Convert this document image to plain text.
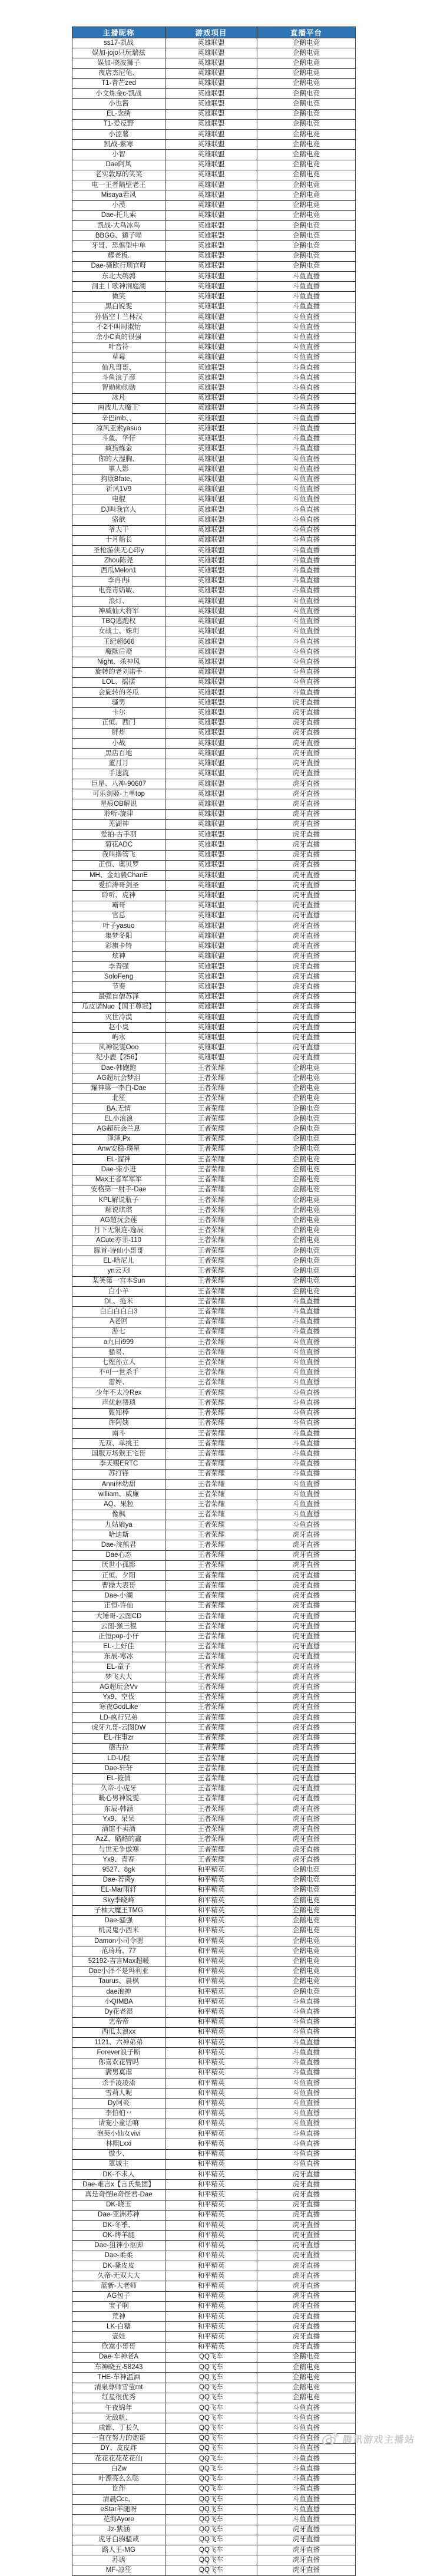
主播昵称	游戏项目	直播平台
ss17-凯战	英雄联盟	企鹅电竞
娱加-jojo只玩瑞兹	英雄联盟	企鹅电竞
娱加-晓波狮子	英雄联盟	企鹅电竞
夜店杰尼龟、	英雄联盟	企鹅电竞
T1-青芒zed	英雄联盟	企鹅电竞
小文炼金c-凯战	英雄联盟	企鹅电竞
小也酱	英雄联盟	企鹅电竞
EL-念绣	英雄联盟	企鹅电竞
T1-爱反野	英雄联盟	企鹅电竞
小涩薯	英雄联盟	企鹅电竞
凯战-紫寒	英雄联盟	企鹅电竞
小智	英雄联盟	企鹅电竞
Dae阿风	英雄联盟	企鹅电竞
老实敦厚的笑笑	英雄联盟	企鹅电竞
电一王者隔壁老王	英雄联盟	企鹅电竞
Misaya若风	英雄联盟	企鹅电竞
小漠	英雄联盟	企鹅电竞
Dae-托儿索	英雄联盟	企鹅电竞
凯战-大鸟冰鸟	英雄联盟	企鹅电竞
BBGG、狮子喵	英雄联盟	企鹅电竞
牙哥、恐惧型中单	英雄联盟	企鹅电竞
耀老板.	英雄联盟	企鹅电竞
Dae-骚欧行刑官呀	英雄联盟	企鹅电竞
东北大鹌鹑	英雄联盟	斗鱼直播
洞主丨歌神洞庭湖	英雄联盟	斗鱼直播
微笑	英雄联盟	斗鱼直播
黑白锐雯	英雄联盟	斗鱼直播
孙悟空丨兰林汉	英雄联盟	斗鱼直播
不2不叫周淑怡	英雄联盟	斗鱼直播
余小C真的很强	英雄联盟	斗鱼直播
叶音符	英雄联盟	斗鱼直播
草莓	英雄联盟	斗鱼直播
仙凡哥哥、	英雄联盟	斗鱼直播
斗鱼浪子彦	英雄联盟	斗鱼直播
智勋勋勋勋	英雄联盟	斗鱼直播
冰凡	英雄联盟	斗鱼直播
南波儿大魔王'	英雄联盟	斗鱼直播
辛巴imb、、	英雄联盟	斗鱼直播
凉风亚索yasuo	英雄联盟	斗鱼直播
斗鱼、华仔	英雄联盟	斗鱼直播
疯狗炼金	英雄联盟	斗鱼直播
你的大湿胸、	英雄联盟	斗鱼直播
單人影	英雄联盟	斗鱼直播
狗康Bfate、	英雄联盟	斗鱼直播
祈风1V9	英雄联盟	斗鱼直播
电棍	英雄联盟	斗鱼直播
DJ叫我官人	英雄联盟	斗鱼直播
骆歆	英雄联盟	斗鱼直播
爷大干	英雄联盟	斗鱼直播
十月船长	英雄联盟	斗鱼直播
圣枪游侠无心印y	英雄联盟	斗鱼直播
Zhou陈尧	英雄联盟	斗鱼直播
西瓜Melon1	英雄联盟	斗鱼直播
李冉冉i	英雄联盟	斗鱼直播
电竞毒奶敏、	英雄联盟	斗鱼直播
浪灯、	英雄联盟	斗鱼直播
神威仙大将军	英雄联盟	斗鱼直播
TBQ逃跑权	英雄联盟	斗鱼直播
女战士、姝玥	英雄联盟	斗鱼直播
王纪超666	英雄联盟	斗鱼直播
魔獸后裔	英雄联盟	斗鱼直播
Night、杀神风	英雄联盟	斗鱼直播
旋转的老刘诺手	英雄联盟	斗鱼直播
LOL、摇摆	英雄联盟	斗鱼直播
会旋转的冬瓜	英雄联盟	斗鱼直播
骚男	英雄联盟	虎牙直播
卡尔	英雄联盟	虎牙直播
正恒、西门	英雄联盟	虎牙直播
胖炸	英雄联盟	虎牙直播
小战	英雄联盟	虎牙直播
黑店百地	英雄联盟	虎牙直播
董月月	英雄联盟	虎牙直播
手速流	英雄联盟	虎牙直播
巨星、八神-90607	英雄联盟	虎牙直播
可乐剑姬-上单top	英雄联盟	虎牙直播
星痕OB解说	英雄联盟	虎牙直播
聆听-旋律	英雄联盟	虎牙直播
芜湖神	英雄联盟	虎牙直播
爱拍-古手羽	英雄联盟	虎牙直播
菊花ADC	英雄联盟	虎牙直播
我叫撸管飞	英雄联盟	虎牙直播
正恒、奥贝罗	英雄联盟	虎牙直播
MH、金灿毅ChanE	英雄联盟	虎牙直播
爱拍涛哥剑圣	英雄联盟	虎牙直播
聆听、虎神	英雄联盟	虎牙直播
霸哥	英雄联盟	虎牙直播
官总	英雄联盟	虎牙直播
叶子yasuo	英雄联盟	虎牙直播
集梦冬阳	英雄联盟	虎牙直播
彩旗卡特	英雄联盟	虎牙直播
炫神	英雄联盟	虎牙直播
李青强	英雄联盟	虎牙直播
SoloFeng	英雄联盟	虎牙直播
节奏	英雄联盟	虎牙直播
最强盲僧苏泽	英雄联盟	虎牙直播
瓜皮诺Nuo【国王尊冠】	英雄联盟	虎牙直播
灭世冷漠	英雄联盟	虎牙直播
赵小臭	英雄联盟	虎牙直播
屿水	英雄联盟	虎牙直播
风神锐雯Ooo	英雄联盟	虎牙直播
纪小鹿【256】	英雄联盟	虎牙直播
Dae-韩跑跑	王者荣耀	企鹅电竞
AG超玩会梦泪	王者荣耀	企鹅电竞
耀神第一李白-Dae	王者荣耀	企鹅电竞
北笙	王者荣耀	企鹅电竞
BA.无情	王者荣耀	企鹅电竞
EL小浪浪	王者荣耀	企鹅电竞
AG超玩会兰息	王者荣耀	企鹅电竞
泽泽.Px	王者荣耀	企鹅电竞
Anw安稳-璞星	王者荣耀	企鹅电竞
EL-溜神	王者荣耀	企鹅电竞
Dae-柴小进	王者荣耀	企鹅电竞
Max王者军军军	王者荣耀	企鹅电竞
安格第一射手-Dae	王者荣耀	企鹅电竞
KPL解说瓶子	王者荣耀	企鹅电竞
解说琪琪	王者荣耀	企鹅电竞
AG超玩会莲	王者荣耀	企鹅电竞
月下无限连-逸辰	王者荣耀	企鹅电竞
ACute亦菲-110	王者荣耀	企鹅电竞
豚首-诗仙小哥哥	王者荣耀	企鹅电竞
EL-哈尼儿	王者荣耀	企鹅电竞
yn云天l	王者荣耀	企鹅电竞
某笑第一宫本Sun	王者荣耀	企鹅电竞
白小羊	王者荣耀	企鹅电竞
DL、拖米	王者荣耀	斗鱼直播
白白白白白3	王者荣耀	斗鱼直播
A老回	王者荣耀	斗鱼直播
游七	王者荣耀	斗鱼直播
a九日i999	王者荣耀	斗鱼直播
骚易、	王者荣耀	斗鱼直播
七煌孙立人	王者荣耀	斗鱼直播
不可一世杀手	王者荣耀	斗鱼直播
雷婷、	王者荣耀	斗鱼直播
少年不太冷Rex	王者荣耀	斗鱼直播
声优赵猥琐	王者荣耀	斗鱼直播
甄知棒	王者荣耀	斗鱼直播
许阿姨	王者荣耀	斗鱼直播
南斗	王者荣耀	斗鱼直播
无双、单挑王	王者荣耀	斗鱼直播
国服万场猴王宅哥	王者荣耀	斗鱼直播
李天赐ERTC	王者荣耀	斗鱼直播
苏打锋	王者荣耀	斗鱼直播
Anni林幼甜	王者荣耀	斗鱼直播
william、威廉	王者荣耀	斗鱼直播
AQ、果粒	王者荣耀	斗鱼直播
像枫	王者荣耀	斗鱼直播
九姑娘ya	王者荣耀	斗鱼直播
哈迪斯	王者荣耀	虎牙直播
Dae-浣熊君	王者荣耀	虎牙直播
Dae心态	王者荣耀	虎牙直播
厌世小孤影	王者荣耀	虎牙直播
正恒、夕阳	王者荣耀	虎牙直播
曹操大表哥	王者荣耀	虎牙直播
Dae-小潮	王者荣耀	虎牙直播
正恒-许仙	王者荣耀	虎牙直播
大锤哥-云图CD	王者荣耀	虎牙直播
云图-猴三棍	王者荣耀	虎牙直播
正恒pop-小仔	王者荣耀	虎牙直播
EL-上好佳	王者荣耀	虎牙直播
东辰-寒冰	王者荣耀	虎牙直播
EL-童子	王者荣耀	虎牙直播
梦飞大大	王者荣耀	虎牙直播
AG超玩会Vv	王者荣耀	虎牙直播
Yx9、空伐	王者荣耀	虎牙直播
寒夜GodLike	王者荣耀	虎牙直播
LD-疯行兄弟	王者荣耀	虎牙直播
虎牙九哥-云图DW	王者荣耀	虎牙直播
EL-往事zr	王者荣耀	虎牙直播
德古拉	王者荣耀	虎牙直播
LD-U倪	王者荣耀	虎牙直播
Dae-轩轩	王者荣耀	虎牙直播
EL-筱倩	王者荣耀	虎牙直播
久帝-小虎牙	王者荣耀	虎牙直播
暖心男神锐雯	王者荣耀	虎牙直播
东辰-韩涵	王者荣耀	虎牙直播
Yx9、呆呆	王者荣耀	虎牙直播
酒馆不卖酒	王者荣耀	虎牙直播
AzZ、酷酷的鑫	王者荣耀	虎牙直播
与世无争傲寒	王者荣耀	虎牙直播
Yx9、青春	王者荣耀	虎牙直播
9527、8gk	和平精英	企鹅电竞
Dae-若离y	和平精英	企鹅电竞
EL-Mar雨轩	和平精英	企鹅电竞
Sky李晓峰	和平精英	企鹅电竞
子柚大魔王TMG	和平精英	企鹅电竞
Dae-骚强	和平精英	企鹅电竞
机灵鬼小西米	和平精英	企鹅电竞
Damon小司令嗯	和平精英	企鹅电竞
范琦琦、77	和平精英	企鹅电竞
52192-吉言Max超暖	和平精英	企鹅电竞
Dae小泽不是玛利亚	和平精英	企鹅电竞
Taurus、晨枫	和平精英	企鹅电竞
dae浪神	和平精英	企鹅电竞
小QIMBA	和平精英	斗鱼直播
Dy花老湿	和平精英	斗鱼直播
艺帝帝	和平精英	斗鱼直播
西瓜太浪xx	和平精英	斗鱼直播
1121、六神弟弟	和平精英	斗鱼直播
Forever浪子断	和平精英	斗鱼直播
你喜欢花臂吗	和平精英	斗鱼直播
满男莫虐	和平精英	斗鱼直播
杀手凌凌漆	和平精英	斗鱼直播
雪莉人呢	和平精英	斗鱼直播
Dy阿炎	和平精英	斗鱼直播
李怕怕丷	和平精英	斗鱼直播
请宠小童话嘛	和平精英	斗鱼直播
泡芙小仙女vivi	和平精英	斗鱼直播
林熙Lxxi	和平精英	斗鱼直播
傲少、	和平精英	斗鱼直播
罩城主	和平精英	斗鱼直播
DK-不求人	和平精英	虎牙直播
Dae-难言x【言氏集团】	和平精英	虎牙直播
真是奇怪le奇怪君-Dae	和平精英	虎牙直播
DK-晓玉	和平精英	虎牙直播
Dae-亚洲苏神	和平精英	虎牙直播
DK-冬季、	和平精英	虎牙直播
OK-烤羊腿	和平精英	虎牙直播
Dae-狙神小抠脚	和平精英	虎牙直播
Dae-柔柔	和平精英	虎牙直播
DK-骚皮皮	和平精英	虎牙直播
久帝-无双大大	和平精英	虎牙直播
蓝新-大老师	和平精英	虎牙直播
AG包子	和平精英	虎牙直播
宝子啊	和平精英	虎牙直播
荒神	和平精英	虎牙直播
LK-白糖	和平精英	虎牙直播
壹娃	和平精英	虎牙直播
欣嵩小哥哥	和平精英	虎牙直播
Dae-车神老A	QQ飞车	企鹅电竞
车神晓五-58243	QQ飞车	企鹅电竞
THE-车神温酒	QQ飞车	企鹅电竞
清泉尊师雪莹mt	QQ飞车	企鹅电竞
红星很优秀	QQ飞车	企鹅电竞
午夜锦年	QQ飞车	斗鱼直播
无敌帆、	QQ飞车	斗鱼直播
成都、丁长久	QQ飞车	斗鱼直播
一直在努力的炮哥	QQ飞车	斗鱼直播
DY、皮皮炸	QQ飞车	斗鱼直播
花花花花花花仙	QQ飞车	斗鱼直播
白Zw	QQ飞车	斗鱼直播
叶漂亮么么哒	QQ飞车	斗鱼直播
讫伴	QQ飞车	斗鱼直播
清晨Ccc、	QQ飞车	斗鱼直播
eStar羊随呀	QQ飞车	斗鱼直播
花海Ayore	QQ飞车	斗鱼直播
Jz-紫涵	QQ飞车	虎牙直播
虎牙白驹骚戒	QQ飞车	虎牙直播
路人王-MG	QQ飞车	虎牙直播
苏诱	QQ飞车	虎牙直播
MF-凉笙	QQ飞车	虎牙直播
腾讯游戏主播站
